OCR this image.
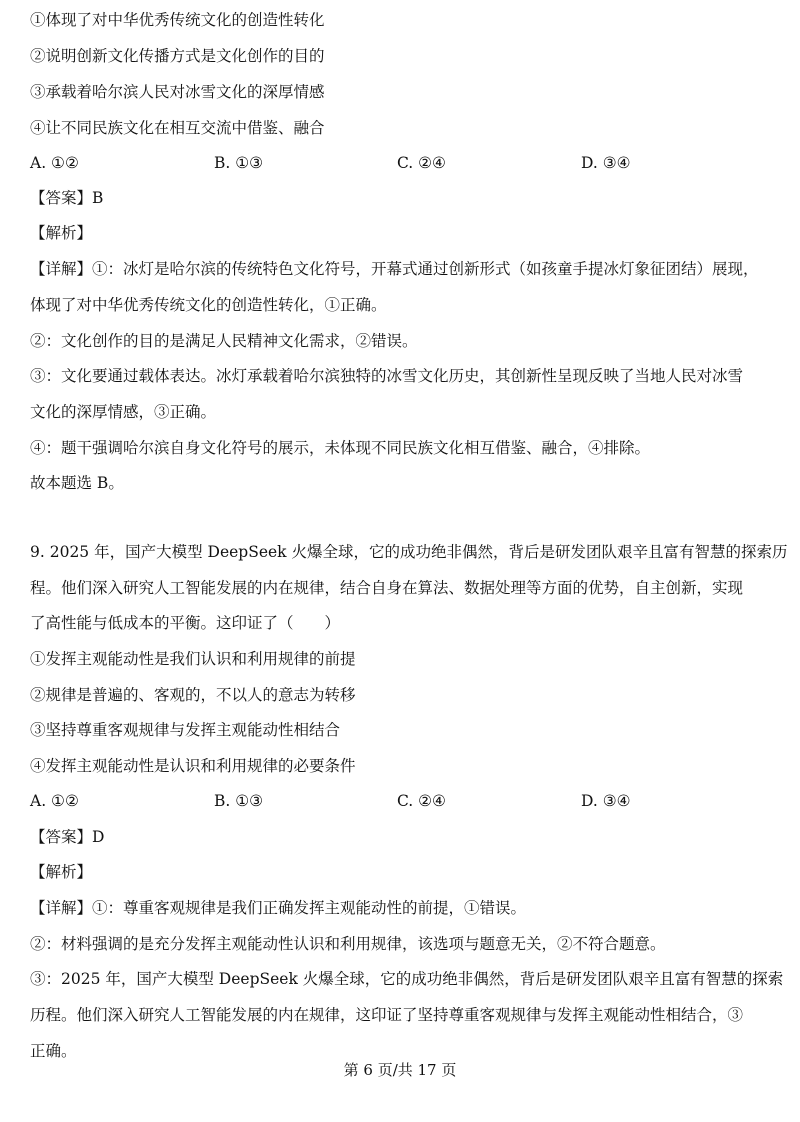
①体现了对中华优秀传统文化的创造性转化
②说明创新文化传播方式是文化创作的目的
③承载着哈尔滨人民对冰雪文化的深厚情感
④让不同民族文化在相互交流中借鉴、融合
A. ①②	B. ①③	C. ②④	D. ③④
【答案】B
【解析】
【详解】①：冰灯是哈尔滨的传统特色文化符号，开幕式通过创新形式（如孩童手提冰灯象征团结）展现，
体现了对中华优秀传统文化的创造性转化，①正确。
②：文化创作的目的是满足人民精神文化需求，②错误。
③：文化要通过载体表达。冰灯承载着哈尔滨独特的冰雪文化历史，其创新性呈现反映了当地人民对冰雪
文化的深厚情感，③正确。
④：题干强调哈尔滨自身文化符号的展示，未体现不同民族文化相互借鉴、融合，④排除。
故本题选 B。
9. 2025 年，国产大模型 DeepSeek 火爆全球，它的成功绝非偶然，背后是研发团队艰辛且富有智慧的探索历
程。他们深入研究人工智能发展的内在规律，结合自身在算法、数据处理等方面的优势，自主创新，实现
了高性能与低成本的平衡。这印证了（　　）
①发挥主观能动性是我们认识和利用规律的前提
②规律是普遍的、客观的，不以人的意志为转移
③坚持尊重客观规律与发挥主观能动性相结合
④发挥主观能动性是认识和利用规律的必要条件
A. ①②	B. ①③	C. ②④	D. ③④
【答案】D
【解析】
【详解】①：尊重客观规律是我们正确发挥主观能动性的前提，①错误。
②：材料强调的是充分发挥主观能动性认识和利用规律，该选项与题意无关，②不符合题意。
③：2025 年，国产大模型 DeepSeek 火爆全球，它的成功绝非偶然，背后是研发团队艰辛且富有智慧的探索
历程。他们深入研究人工智能发展的内在规律，这印证了坚持尊重客观规律与发挥主观能动性相结合，③
正确。
第 6 页/共 17 页
